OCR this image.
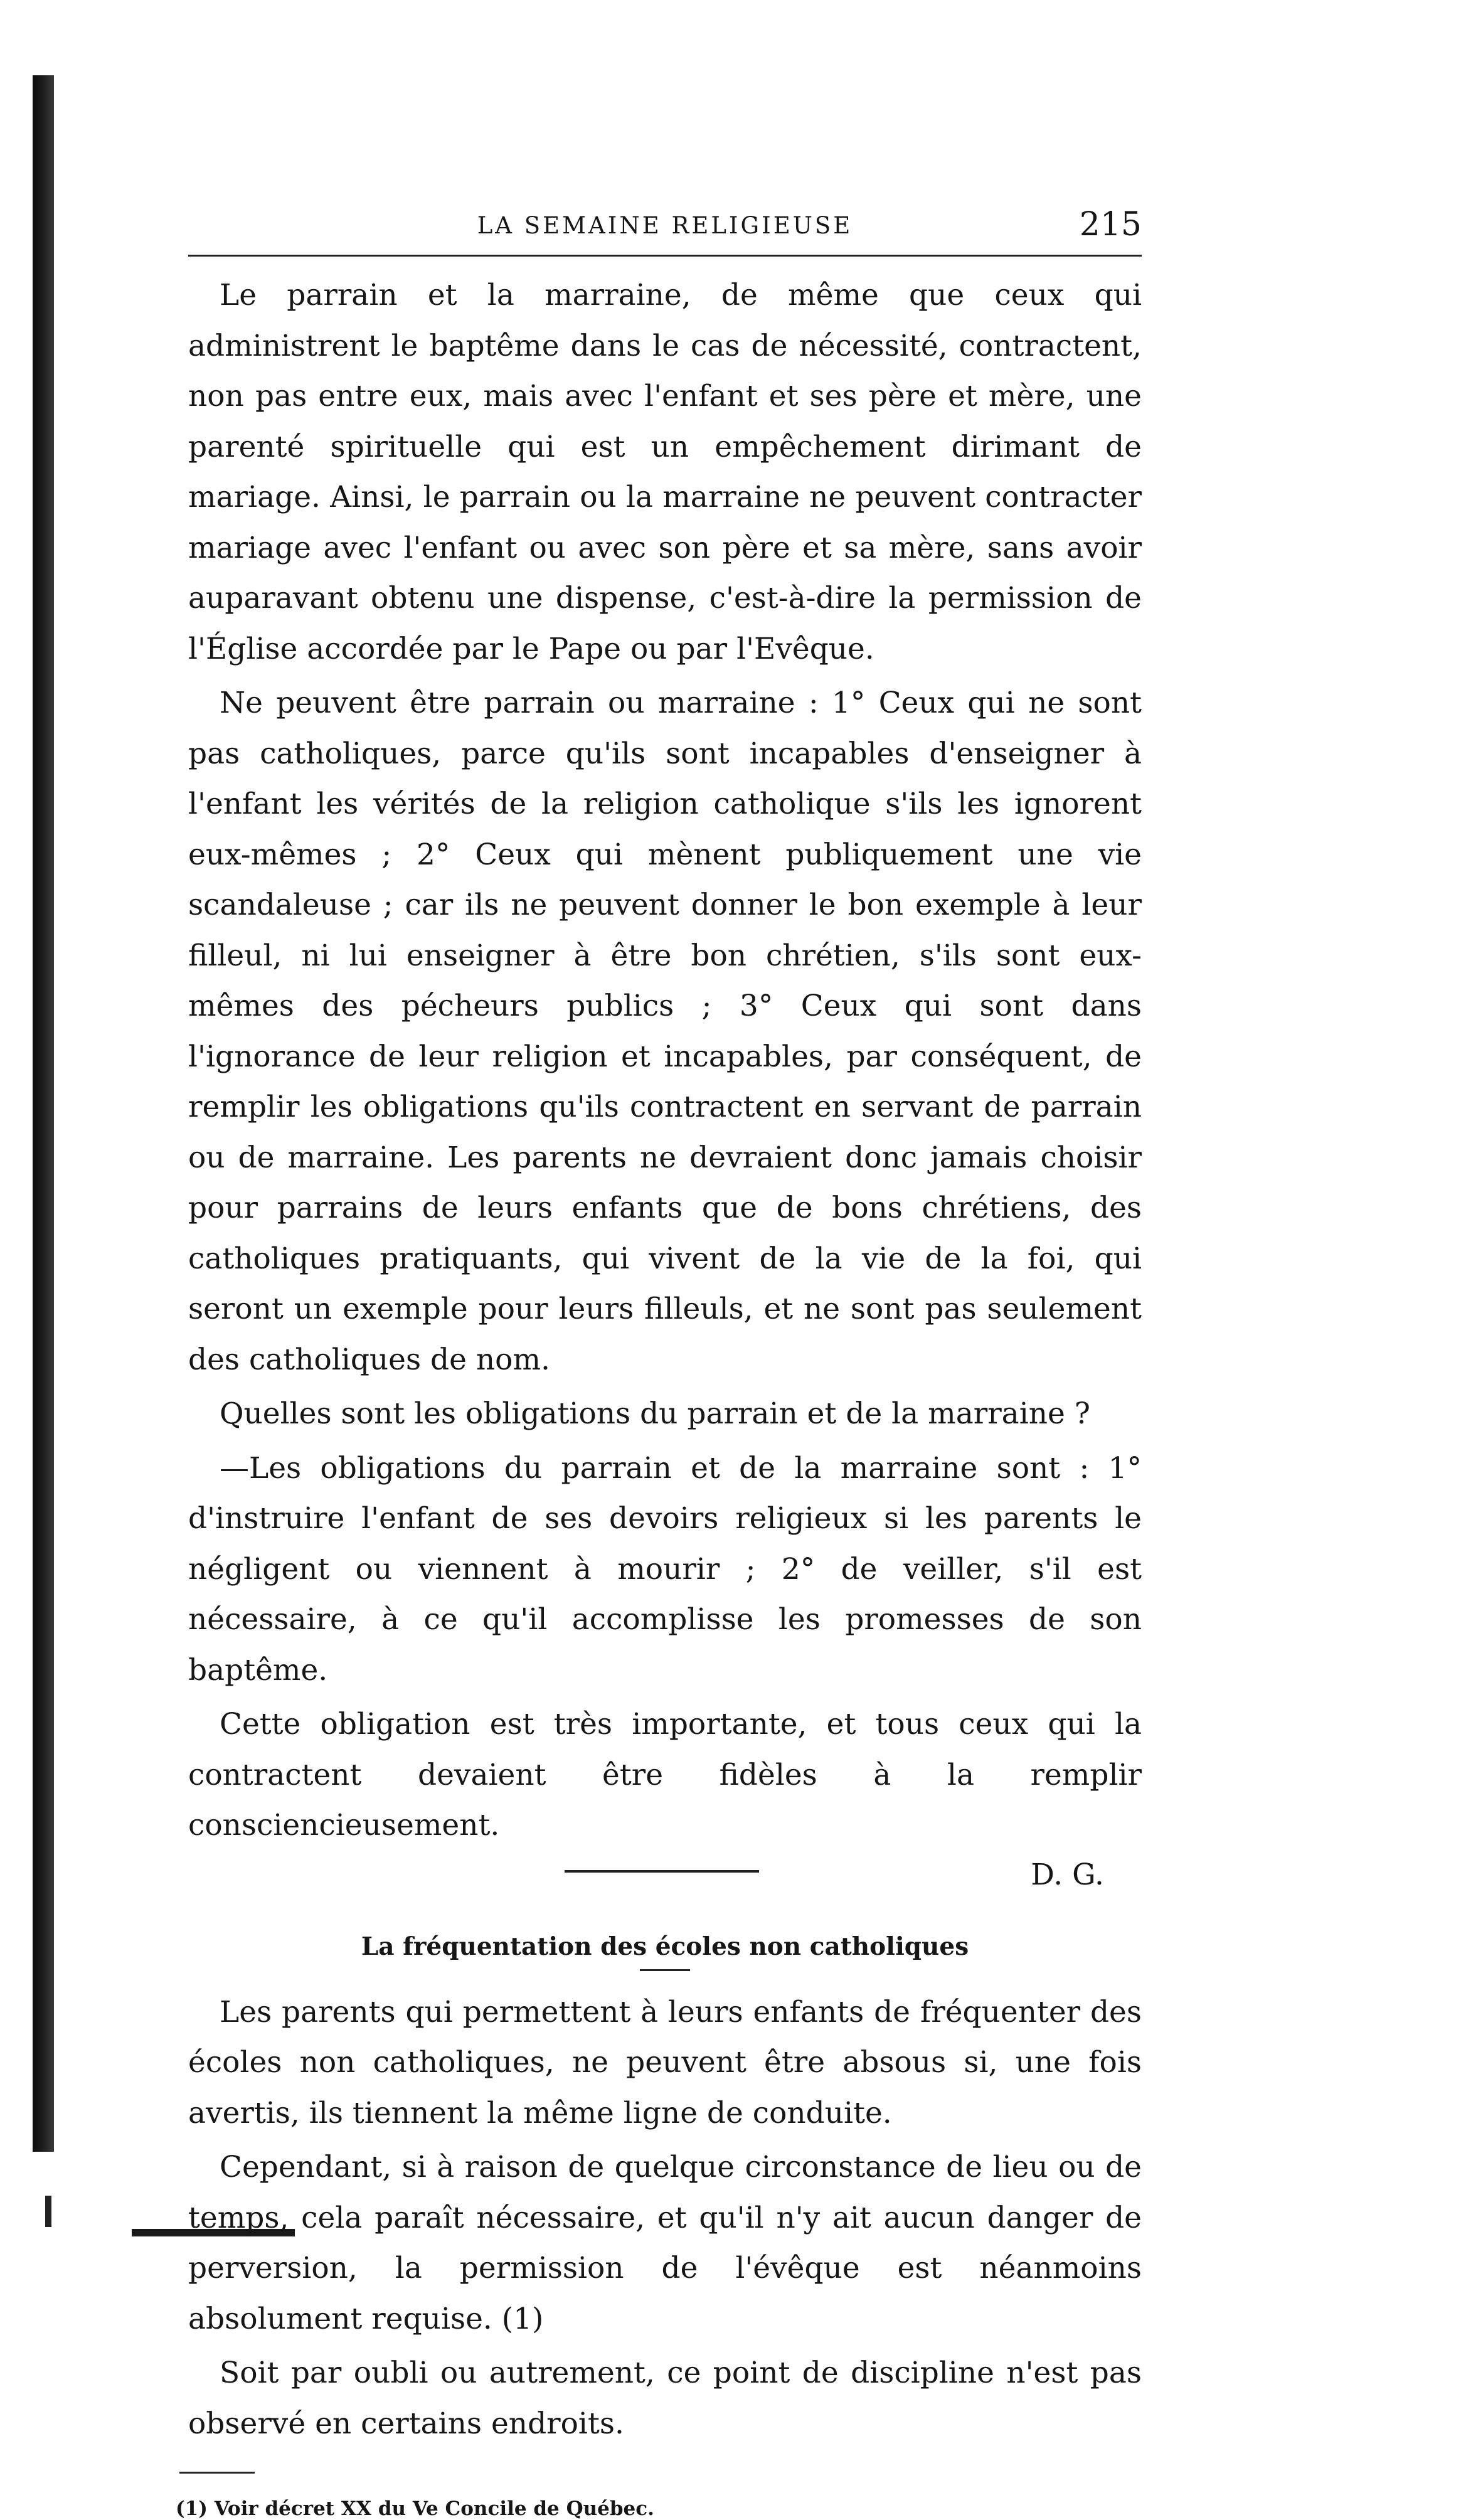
LA SEMAINE RELIGIEUSE	215

Le parrain et la marraine, de même que ceux qui administrent le baptême dans le cas de nécessité, contractent, non pas entre eux, mais avec l'enfant et ses père et mère, une parenté spirituelle qui est un empêchement dirimant de mariage. Ainsi, le parrain ou la marraine ne peuvent contracter mariage avec l'enfant ou avec son père et sa mère, sans avoir auparavant obtenu une dispense, c'est-à-dire la permission de l'Église accordée par le Pape ou par l'Evêque.

Ne peuvent être parrain ou marraine : 1° Ceux qui ne sont pas catholiques, parce qu'ils sont incapables d'enseigner à l'enfant les vérités de la religion catholique s'ils les ignorent eux-mêmes ; 2° Ceux qui mènent publiquement une vie scandaleuse ; car ils ne peuvent donner le bon exemple à leur filleul, ni lui enseigner à être bon chrétien, s'ils sont eux-mêmes des pécheurs publics ; 3° Ceux qui sont dans l'ignorance de leur religion et incapables, par conséquent, de remplir les obligations qu'ils contractent en servant de parrain ou de marraine. Les parents ne devraient donc jamais choisir pour parrains de leurs enfants que de bons chrétiens, des catholiques pratiquants, qui vivent de la vie de la foi, qui seront un exemple pour leurs filleuls, et ne sont pas seulement des catholiques de nom.

Quelles sont les obligations du parrain et de la marraine ?

—Les obligations du parrain et de la marraine sont : 1° d'instruire l'enfant de ses devoirs religieux si les parents le négligent ou viennent à mourir ; 2° de veiller, s'il est nécessaire, à ce qu'il accomplisse les promesses de son baptême.

Cette obligation est très importante, et tous ceux qui la contractent devaient être fidèles à la remplir consciencieusement.

D. G.
La fréquentation des écoles non catholiques

Les parents qui permettent à leurs enfants de fréquenter des écoles non catholiques, ne peuvent être absous si, une fois avertis, ils tiennent la même ligne de conduite.

Cependant, si à raison de quelque circonstance de lieu ou de temps, cela paraît nécessaire, et qu'il n'y ait aucun danger de perversion, la permission de l'évêque est néanmoins absolument requise. (1)

Soit par oubli ou autrement, ce point de discipline n'est pas observé en certains endroits.

(1) Voir décret XX du Ve Concile de Québec.
